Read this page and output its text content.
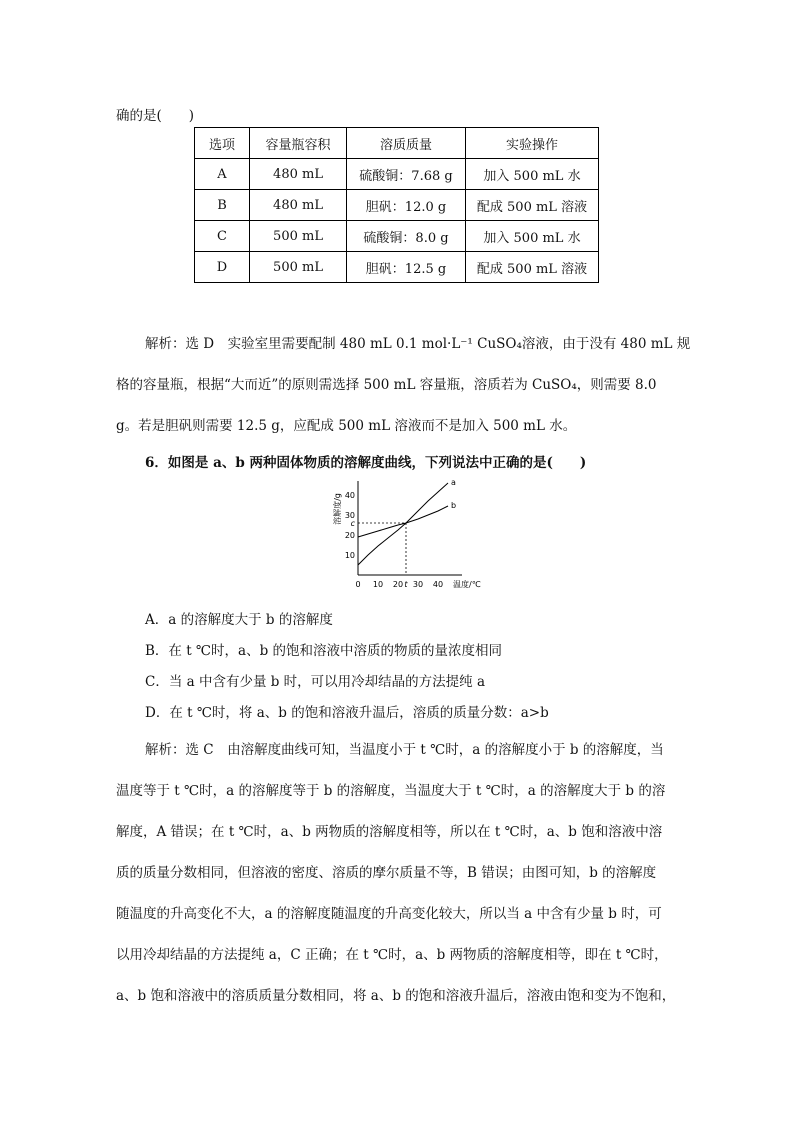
确的是(　　)
选项	容量瓶容积	溶质质量	实验操作
A	480 mL	硫酸铜：7.68 g	加入 500 mL 水
B	480 mL	胆矾：12.0 g	配成 500 mL 溶液
C	500 mL	硫酸铜：8.0 g	加入 500 mL 水
D	500 mL	胆矾：12.5 g	配成 500 mL 溶液
解析：选 D　实验室里需要配制 480 mL 0.1 mol·L⁻¹ CuSO₄溶液，由于没有 480 mL 规
格的容量瓶，根据“大而近”的原则需选择 500 mL 容量瓶，溶质若为 CuSO₄，则需要 8.0
g。若是胆矾则需要 12.5 g，应配成 500 mL 溶液而不是加入 500 mL 水。
6．如图是 a、b 两种固体物质的溶解度曲线，下列说法中正确的是(　　)
0 10 20 t 30 40
10
20
c
30
40
温度/℃
溶解度/g
a
b
A．a 的溶解度大于 b 的溶解度
B．在 t ℃时，a、b 的饱和溶液中溶质的物质的量浓度相同
C．当 a 中含有少量 b 时，可以用冷却结晶的方法提纯 a
D．在 t ℃时，将 a、b 的饱和溶液升温后，溶质的质量分数：a>b
解析：选 C　由溶解度曲线可知，当温度小于 t ℃时，a 的溶解度小于 b 的溶解度，当
温度等于 t ℃时，a 的溶解度等于 b 的溶解度，当温度大于 t ℃时，a 的溶解度大于 b 的溶
解度，A 错误；在 t ℃时，a、b 两物质的溶解度相等，所以在 t ℃时，a、b 饱和溶液中溶
质的质量分数相同，但溶液的密度、溶质的摩尔质量不等，B 错误；由图可知，b 的溶解度
随温度的升高变化不大，a 的溶解度随温度的升高变化较大，所以当 a 中含有少量 b 时，可
以用冷却结晶的方法提纯 a，C 正确；在 t ℃时，a、b 两物质的溶解度相等，即在 t ℃时，
a、b 饱和溶液中的溶质质量分数相同，将 a、b 的饱和溶液升温后，溶液由饱和变为不饱和，
